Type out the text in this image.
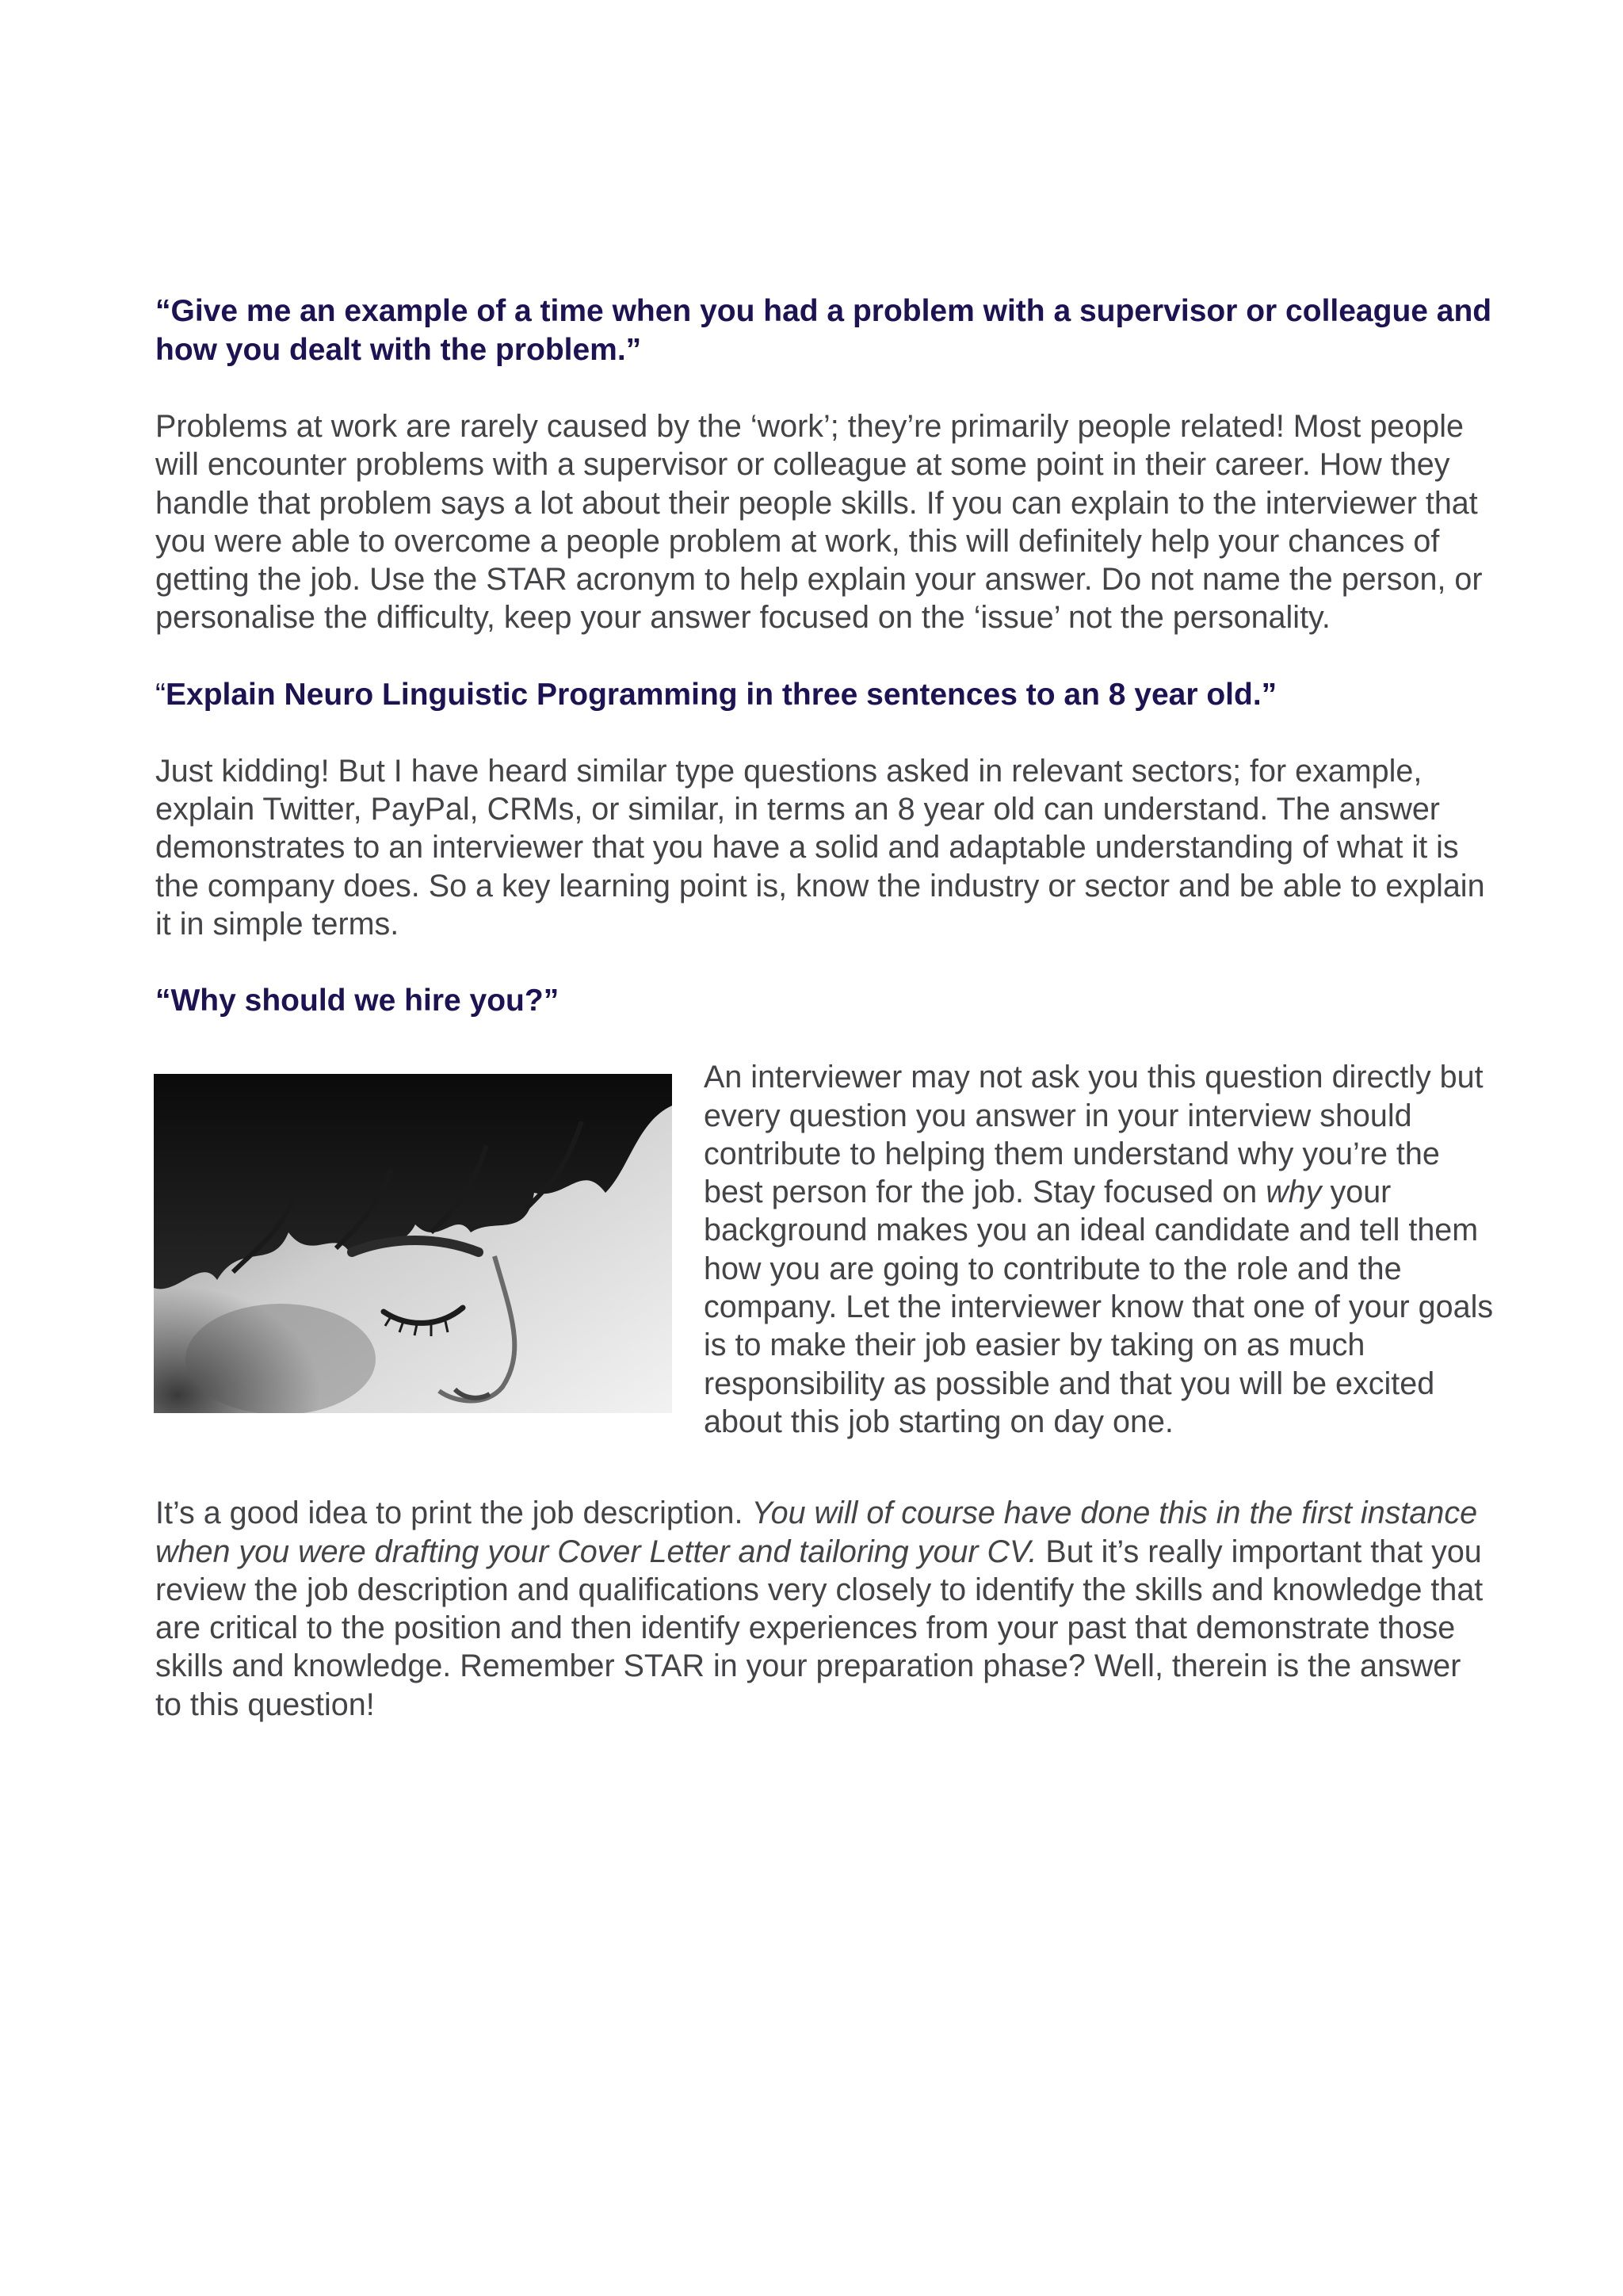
“Give me an example of a time when you had a problem with a supervisor or colleague and how you dealt with the problem.”

Problems at work are rarely caused by the ‘work’; they’re primarily people related! Most people will encounter problems with a supervisor or colleague at some point in their career. How they handle that problem says a lot about their people skills. If you can explain to the interviewer that you were able to overcome a people problem at work, this will definitely help your chances of getting the job. Use the STAR acronym to help explain your answer. Do not name the person, or personalise the difficulty, keep your answer focused on the ‘issue’ not the personality.

“Explain Neuro Linguistic Programming in three sentences to an 8 year old.”

Just kidding! But I have heard similar type questions asked in relevant sectors; for example, explain Twitter, PayPal, CRMs, or similar, in terms an 8 year old can understand. The answer demonstrates to an interviewer that you have a solid and adaptable understanding of what it is the company does. So a key learning point is, know the industry or sector and be able to explain it in simple terms.

“Why should we hire you?”

An interviewer may not ask you this question directly but every question you answer in your interview should contribute to helping them understand why you’re the best person for the job. Stay focused on why your background makes you an ideal candidate and tell them how you are going to contribute to the role and the company. Let the interviewer know that one of your goals is to make their job easier by taking on as much responsibility as possible and that you will be excited about this job starting on day one.

It’s a good idea to print the job description. You will of course have done this in the first instance when you were drafting your Cover Letter and tailoring your CV. But it’s really important that you review the job description and qualifications very closely to identify the skills and knowledge that are critical to the position and then identify experiences from your past that demonstrate those skills and knowledge. Remember STAR in your preparation phase? Well, therein is the answer to this question!
